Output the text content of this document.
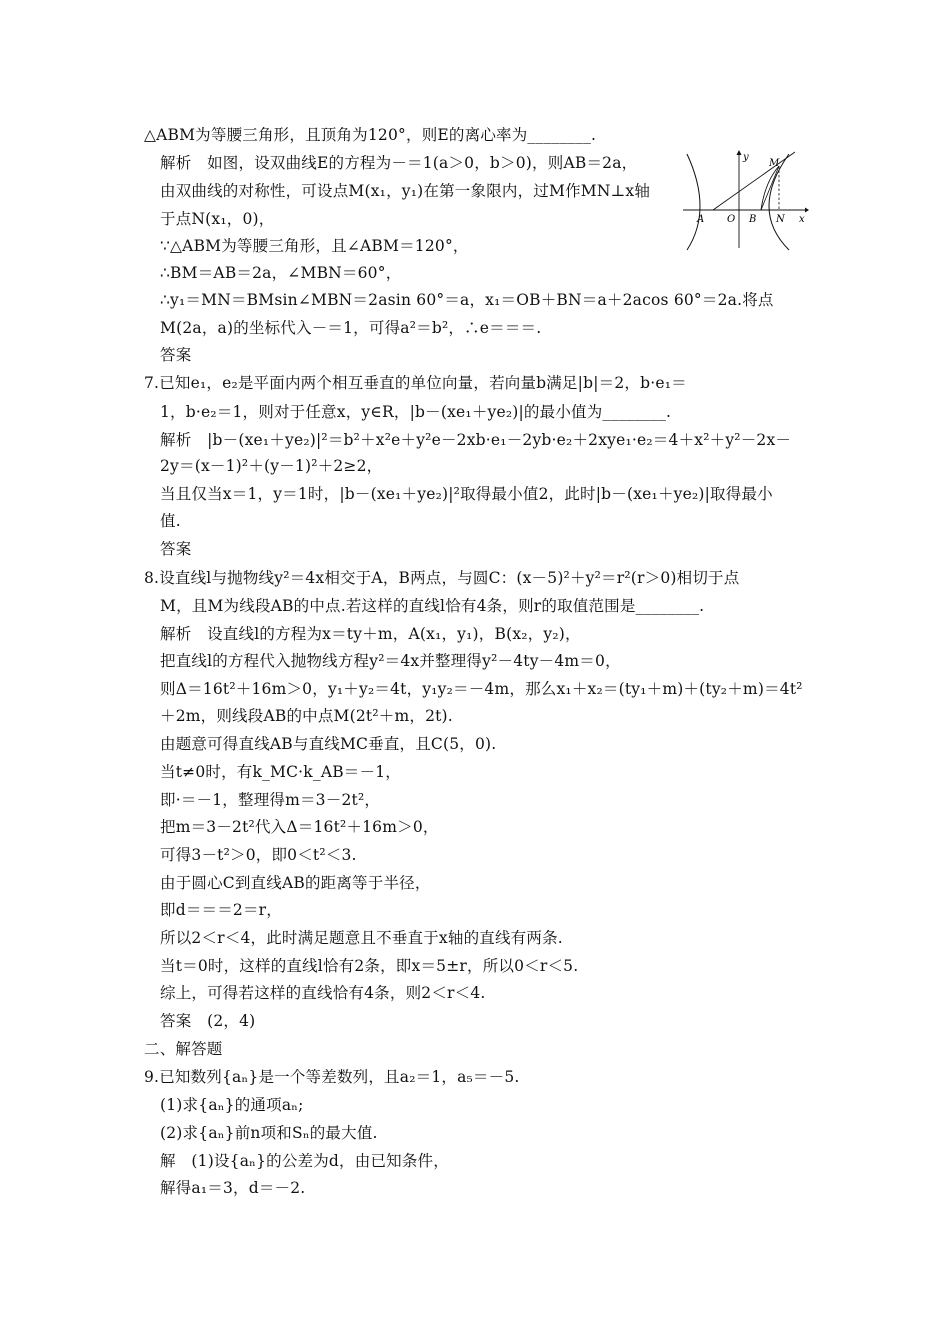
△ABM为等腰三角形，且顶角为120°，则E的离心率为________.
解析　如图，设双曲线E的方程为－＝1(a＞0，b＞0)，则AB＝2a，
由双曲线的对称性，可设点M(x₁，y₁)在第一象限内，过M作MN⊥x轴
于点N(x₁，0)，
∵△ABM为等腰三角形，且∠ABM＝120°，
∴BM＝AB＝2a，∠MBN＝60°，
∴y₁＝MN＝BMsin∠MBN＝2asin 60°＝a，x₁＝OB＋BN＝a＋2acos 60°＝2a.将点
M(2a，a)的坐标代入－＝1，可得a²＝b²，∴e＝＝＝.
答案
7.已知e₁，e₂是平面内两个相互垂直的单位向量，若向量b满足|b|＝2，b·e₁＝
1，b·e₂＝1，则对于任意x，y∈R，|b－(xe₁＋ye₂)|的最小值为________.
解析　|b－(xe₁＋ye₂)|²＝b²＋x²e＋y²e－2xb·e₁－2yb·e₂＋2xye₁·e₂＝4＋x²＋y²－2x－
2y＝(x－1)²＋(y－1)²＋2≥2，
当且仅当x＝1，y＝1时，|b－(xe₁＋ye₂)|²取得最小值2，此时|b－(xe₁＋ye₂)|取得最小
值.
答案
8.设直线l与抛物线y²＝4x相交于A，B两点，与圆C：(x－5)²＋y²＝r²(r＞0)相切于点
M，且M为线段AB的中点.若这样的直线l恰有4条，则r的取值范围是________.
解析　设直线l的方程为x＝ty＋m，A(x₁，y₁)，B(x₂，y₂)，
把直线l的方程代入抛物线方程y²＝4x并整理得y²－4ty－4m＝0，
则Δ＝16t²＋16m＞0，y₁＋y₂＝4t，y₁y₂＝－4m，那么x₁＋x₂＝(ty₁＋m)＋(ty₂＋m)＝4t²
＋2m，则线段AB的中点M(2t²＋m，2t).
由题意可得直线AB与直线MC垂直，且C(5，0).
当t≠0时，有k_MC·k_AB＝－1，
即·＝－1，整理得m＝3－2t²，
把m＝3－2t²代入Δ＝16t²＋16m＞0，
可得3－t²＞0，即0＜t²＜3.
由于圆心C到直线AB的距离等于半径，
即d＝＝＝2＝r，
所以2＜r＜4，此时满足题意且不垂直于x轴的直线有两条.
当t＝0时，这样的直线l恰有2条，即x＝5±r，所以0＜r＜5.
综上，可得若这样的直线恰有4条，则2＜r＜4.
答案　(2，4)
二、解答题
9.已知数列{aₙ}是一个等差数列，且a₂＝1，a₅＝－5.
(1)求{aₙ}的通项aₙ;
(2)求{aₙ}前n项和Sₙ的最大值.
解　(1)设{aₙ}的公差为d，由已知条件，
解得a₁＝3，d＝－2.
y
x
M
A O B N
